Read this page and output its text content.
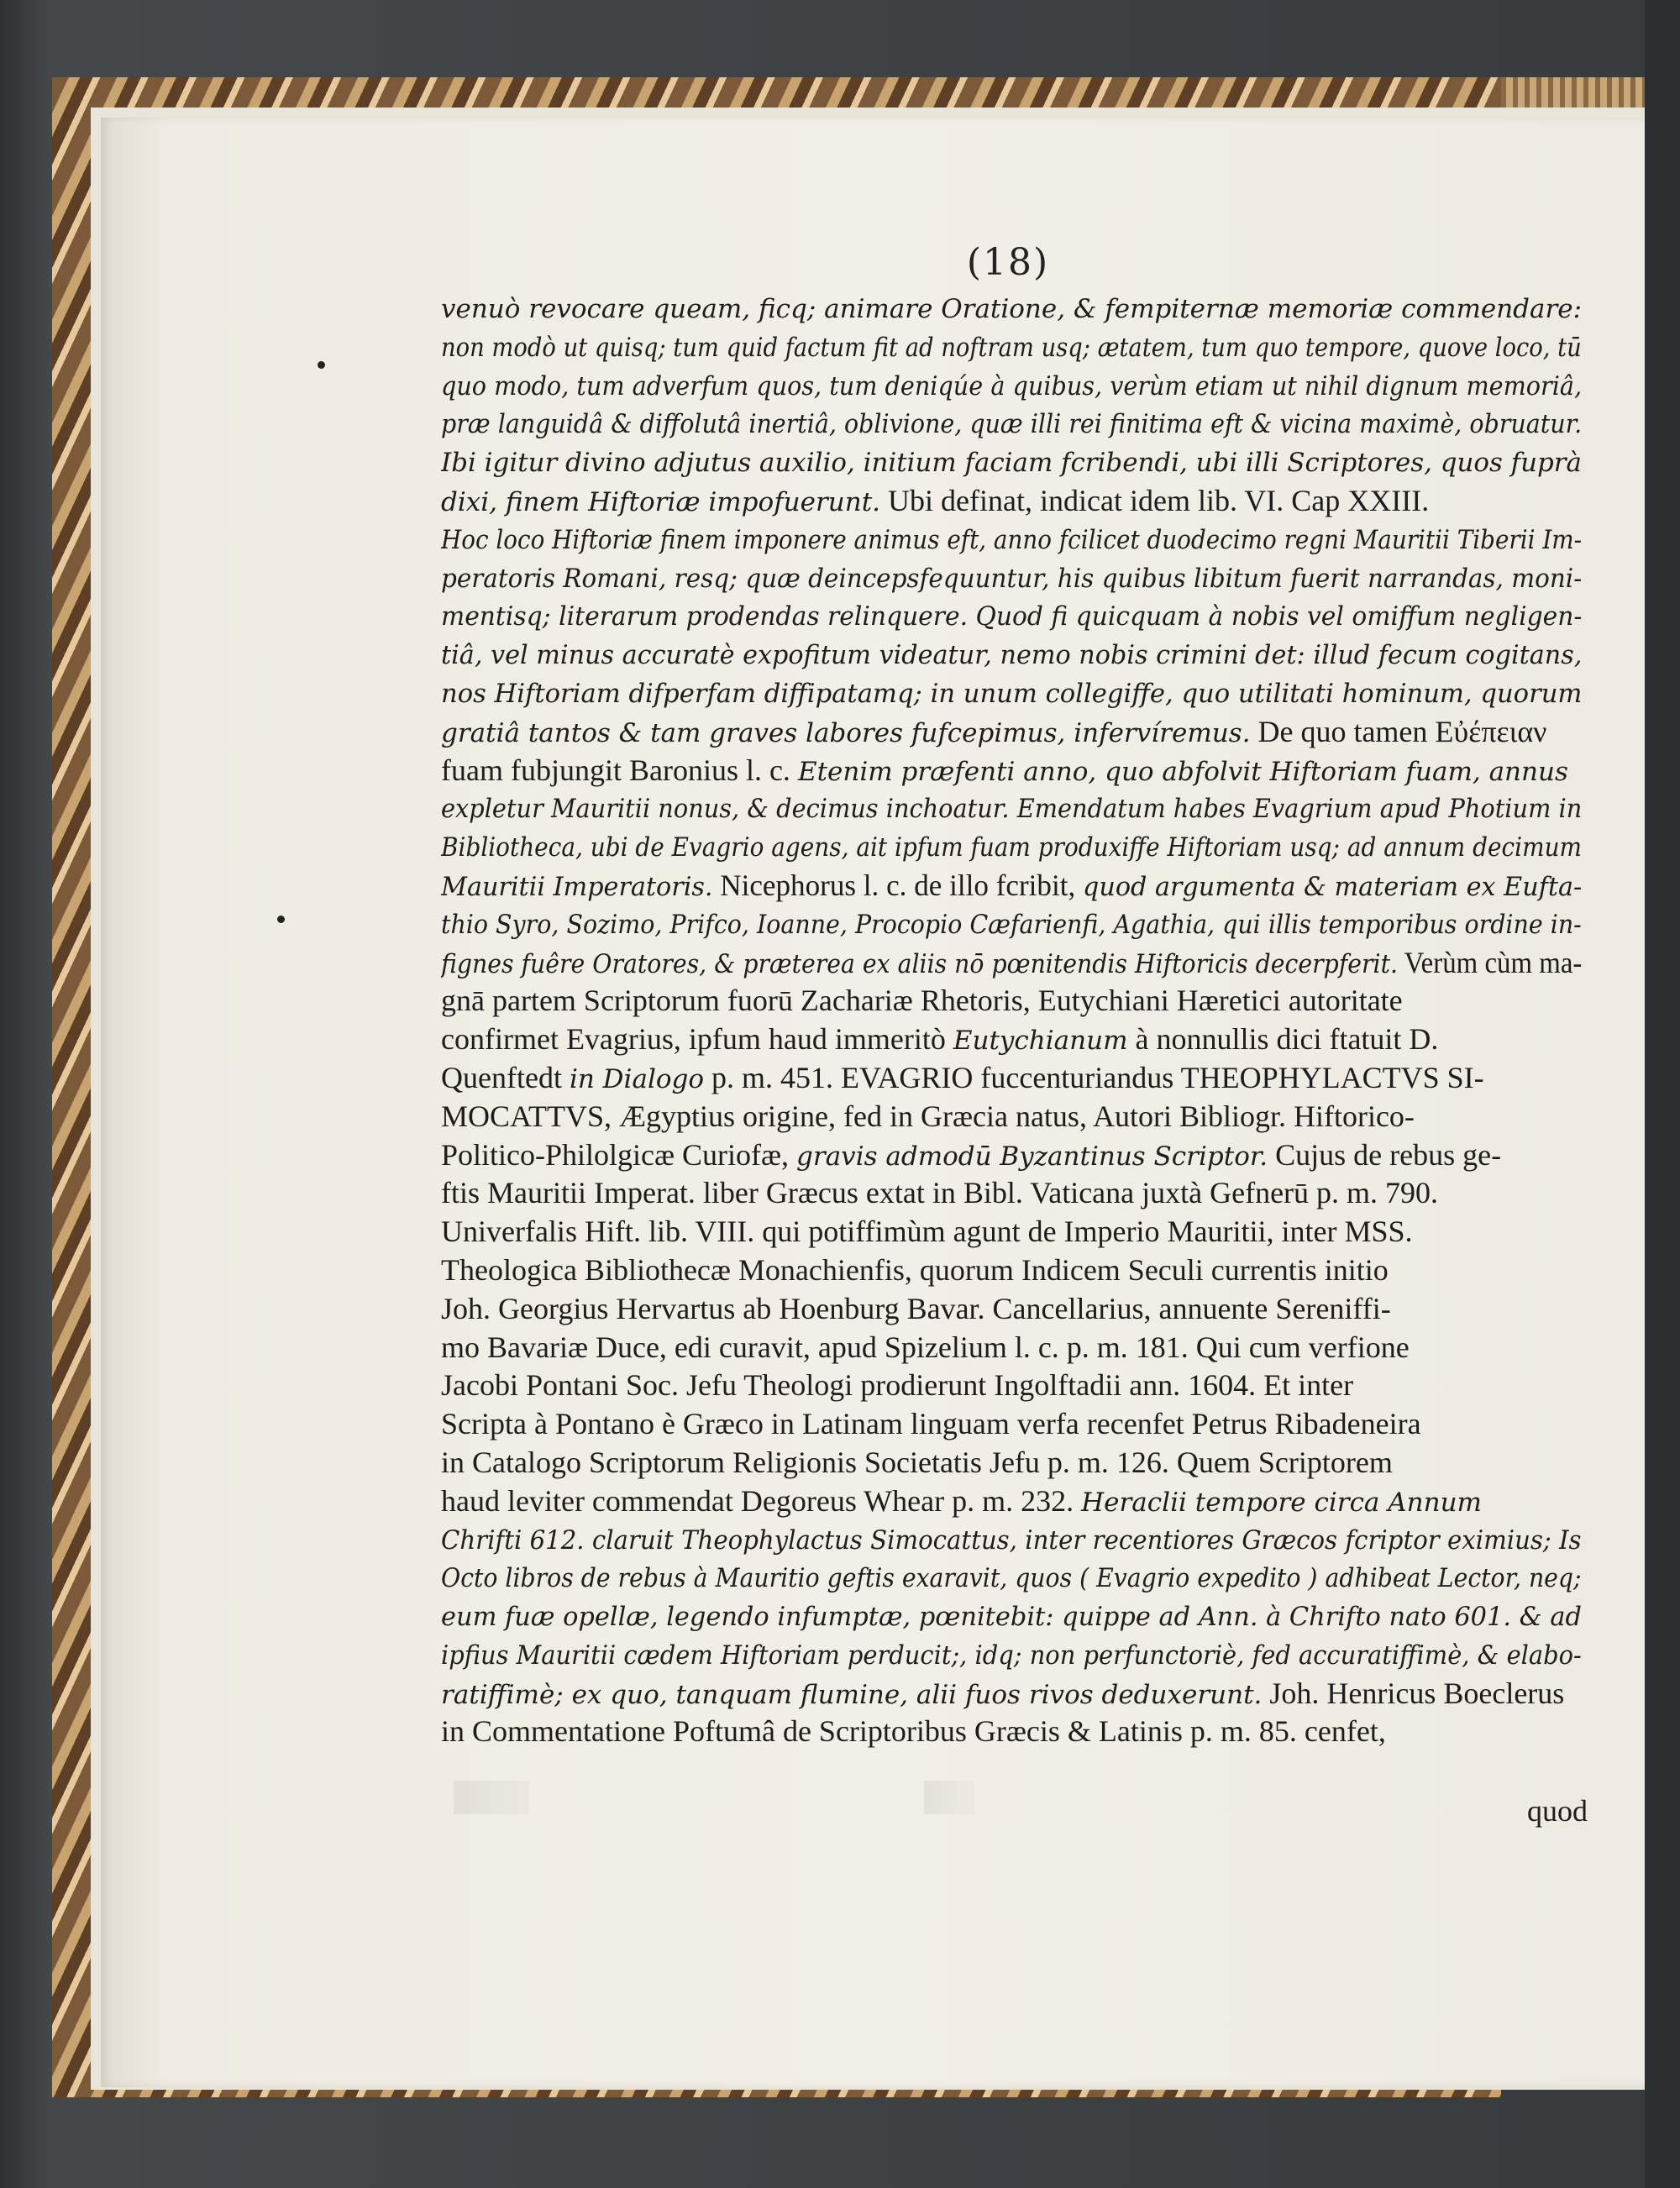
(18)
venuò revocare queam, ficq; animare Oratione, & fempiternæ memoriæ commendare:
non modò ut quisq; tum quid factum fit ad noftram usq; ætatem, tum quo tempore, quove loco, tū
quo modo, tum adverfum quos, tum deniqúe à quibus, verùm etiam ut nihil dignum memoriâ,
præ languidâ & diffolutâ inertiâ, oblivione, quæ illi rei finitima eft & vicina maximè, obruatur.
Ibi igitur divino adjutus auxilio, initium faciam fcribendi, ubi illi Scriptores, quos fuprà
dixi, finem Hiftoriæ impofuerunt. Ubi definat, indicat idem lib. VI. Cap XXIII.
Hoc loco Hiftoriæ finem imponere animus eft, anno fcilicet duodecimo regni Mauritii Tiberii Im-
peratoris Romani, resq; quæ deincepsfequuntur, his quibus libitum fuerit narrandas, moni-
mentisq; literarum prodendas relinquere. Quod fi quicquam à nobis vel omiffum negligen-
tiâ, vel minus accuratè expofitum videatur, nemo nobis crimini det: illud fecum cogitans,
nos Hiftoriam difperfam diffipatamq; in unum collegiffe, quo utilitati hominum, quorum
gratiâ tantos & tam graves labores fufcepimus, infervíremus. De quo tamen Εὐέπειαν
fuam fubjungit Baronius l. c. Etenim præfenti anno, quo abfolvit Hiftoriam fuam, annus
expletur Mauritii nonus, & decimus inchoatur. Emendatum habes Evagrium apud Photium in
Bibliotheca, ubi de Evagrio agens, ait ipfum fuam produxiffe Hiftoriam usq; ad annum decimum
Mauritii Imperatoris. Nicephorus l. c. de illo fcribit, quod argumenta & materiam ex Eufta-
thio Syro, Sozimo, Prifco, Ioanne, Procopio Cæfarienfi, Agathia, qui illis temporibus ordine in-
fignes fuêre Oratores, & præterea ex aliis nō pœnitendis Hiftoricis decerpferit. Verùm cùm ma-
gnā partem Scriptorum fuorū Zachariæ Rhetoris, Eutychiani Hæretici autoritate
confirmet Evagrius, ipfum haud immeritò Eutychianum à nonnullis dici ftatuit D.
Quenftedt in Dialogo p. m. 451. EVAGRIO fuccenturiandus THEOPHYLACTVS SI-
MOCATTVS, Ægyptius origine, fed in Græcia natus, Autori Bibliogr. Hiftorico-
Politico-Philolgicæ Curiofæ, gravis admodū Byzantinus Scriptor. Cujus de rebus ge-
ftis Mauritii Imperat. liber Græcus extat in Bibl. Vaticana juxtà Gefnerū p. m. 790.
Univerfalis Hift. lib. VIII. qui potiffimùm agunt de Imperio Mauritii, inter MSS.
Theologica Bibliothecæ Monachienfis, quorum Indicem Seculi currentis initio
Joh. Georgius Hervartus ab Hoenburg Bavar. Cancellarius, annuente Sereniffi-
mo Bavariæ Duce, edi curavit, apud Spizelium l. c. p. m. 181. Qui cum verfione
Jacobi Pontani Soc. Jefu Theologi prodierunt Ingolftadii ann. 1604. Et inter
Scripta à Pontano è Græco in Latinam linguam verfa recenfet Petrus Ribadeneira
in Catalogo Scriptorum Religionis Societatis Jefu p. m. 126. Quem Scriptorem
haud leviter commendat Degoreus Whear p. m. 232. Heraclii tempore circa Annum
Chrifti 612. claruit Theophylactus Simocattus, inter recentiores Græcos fcriptor eximius; Is
Octo libros de rebus à Mauritio geftis exaravit, quos ( Evagrio expedito ) adhibeat Lector, neq;
eum fuæ opellæ, legendo infumptæ, pœnitebit: quippe ad Ann. à Chrifto nato 601. & ad
ipfius Mauritii cædem Hiftoriam perducit;, idq; non perfunctoriè, fed accuratiffimè, & elabo-
ratiffimè; ex quo, tanquam flumine, alii fuos rivos deduxerunt. Joh. Henricus Boeclerus
in Commentatione Poftumâ de Scriptoribus Græcis & Latinis p. m. 85. cenfet,
quod
